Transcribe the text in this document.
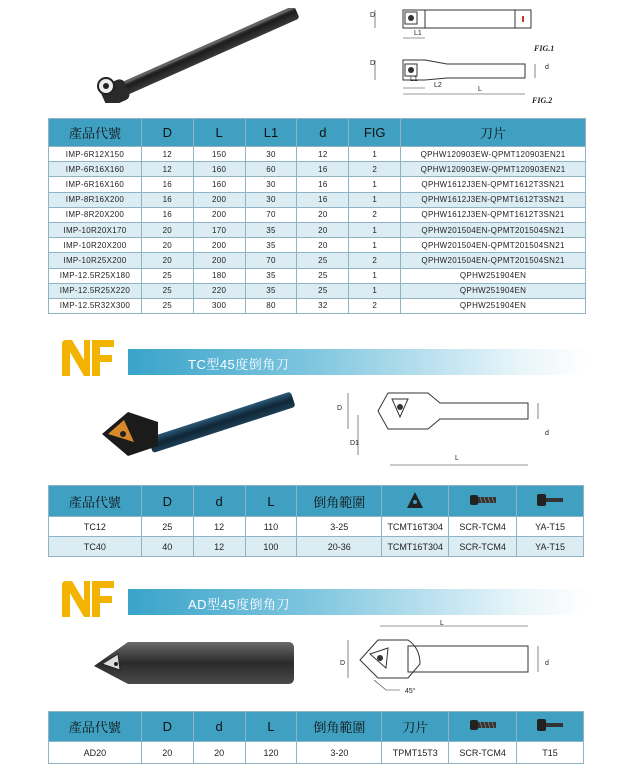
D
L1
FIG.1
D
L1
L2
L
d
FIG.2
產品代號	D	L	L1	d	FIG	刀片
IMP-6R12X150	12	150	30	12	1	QPHW120903EW-QPMT120903EN21
IMP-6R16X160	12	160	60	16	2	QPHW120903EW-QPMT120903EN21
IMP-6R16X160	16	160	30	16	1	QPHW1612J3EN-QPMT1612T3SN21
IMP-8R16X200	16	200	30	16	1	QPHW1612J3EN-QPMT1612T3SN21
IMP-8R20X200	16	200	70	20	2	QPHW1612J3EN-QPMT1612T3SN21
IMP-10R20X170	20	170	35	20	1	QPHW201504EN-QPMT201504SN21
IMP-10R20X200	20	200	35	20	1	QPHW201504EN-QPMT201504SN21
IMP-10R25X200	20	200	70	25	2	QPHW201504EN-QPMT201504SN21
IMP-12.5R25X180	25	180	35	25	1	QPHW251904EN
IMP-12.5R25X220	25	220	35	25	1	QPHW251904EN
IMP-12.5R32X300	25	300	80	32	2	QPHW251904EN
TC型45度倒角刀
D
D1
L
d
產品代號	D	d	L	倒角範圍			
TC12	25	12	110	3-25	TCMT16T304	SCR-TCM4	YA-T15
TC40	40	12	100	20-36	TCMT16T304	SCR-TCM4	YA-T15
AD型45度倒角刀
L
D	d
45°
產品代號	D	d	L	倒角範圍	刀片		
AD20	20	20	120	3-20	TPMT15T3	SCR-TCM4	T15
